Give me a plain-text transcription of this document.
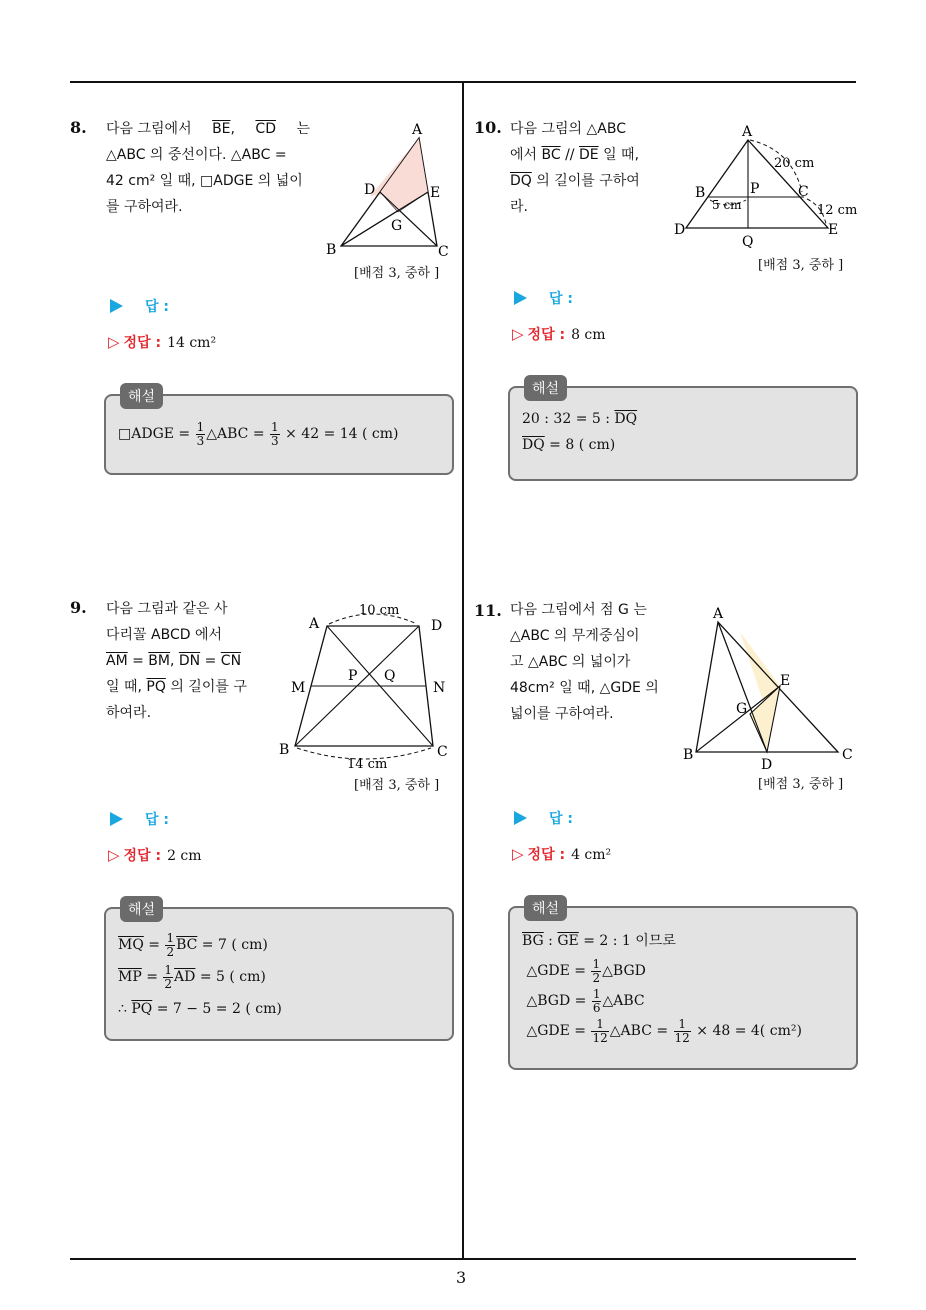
8. 다음 그림에서 $\overline{BE}$, $\overline{CD}$ 는
△ABC 의 중선이다. △ABC =
42 cm² 일 때, □ADGE 의 넓이
를 구하여라.
A
B	C
D	E
G
[배점 3, 중하 ]
답 :
▷ 정답 : 14 cm²
해설
□ADGE = $\frac{1}{3}$ △ABC = $\frac{1}{3} \times 42 = 14$ ( cm)
10. 다음 그림의 △ABC
에서 $\overline{BC} // \overline{DE}$ 일 때,
$\overline{DQ}$ 의 길이를 구하여
라.
A
B	C
D	E
P
Q
20 cm
5 cm	12 cm
[배점 3, 중하 ]
답 :
▷ 정답 : 8 cm
해설
20 : 32 = 5 : $\overline{DQ}$
$\overline{DQ} = 8$ ( cm)
9. 다음 그림과 같은 사
다리꼴 ABCD 에서
$\overline{AM} = \overline{BM}$, $\overline{DN} = \overline{CN}$
일 때, $\overline{PQ}$ 의 길이를 구
하여라.
A	D
B	C
M	N
P Q
10 cm
14 cm
[배점 3, 중하 ]
답 :
▷ 정답 : 2 cm
해설
$\overline{MQ} = \frac{1}{2} \overline{BC} = 7$ ( cm)
$\overline{MP} = \frac{1}{2} \overline{AD} = 5$ ( cm)
∴ $\overline{PQ} = 7 - 5 = 2$ ( cm)
11. 다음 그림에서 점 G 는
△ABC 의 무게중심이
고 △ABC 의 넓이가
48cm² 일 때, △GDE 의
넓이를 구하여라.
A
B	C
D
E
G
[배점 3, 중하 ]
답 :
▷ 정답 : 4 cm²
해설
$\overline{BG}$ : $\overline{GE} = 2$ : 1 이므로
△GDE = $\frac{1}{2}$ △BGD
△BGD = $\frac{1}{6}$ △ABC
△GDE = $\frac{1}{12}$ △ABC = $\frac{1}{12} \times 48 = 4$( cm²)
3
